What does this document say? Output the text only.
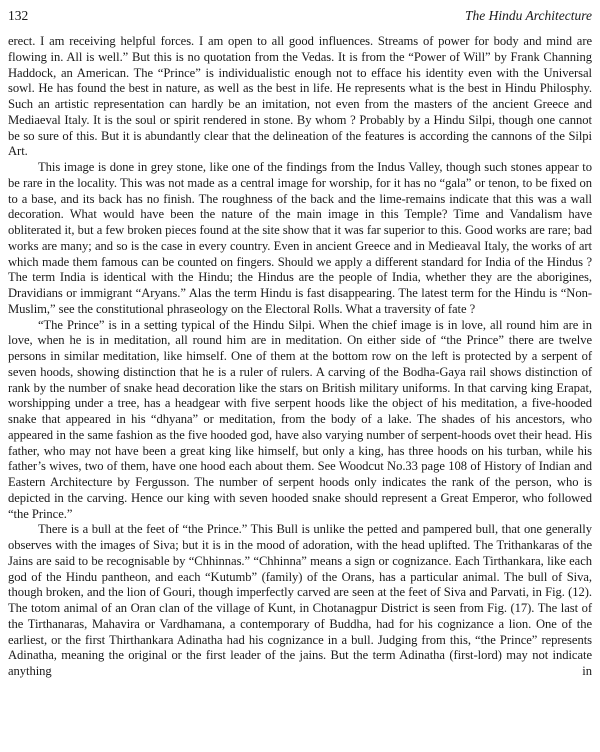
132	The Hindu Architecture

erect. I am receiving helpful forces. I am open to all good influences. Streams of power for body and mind are flowing in. All is well.” But this is no quotation from the Vedas. It is from the “Power of Will” by Frank Channing Haddock, an American. The “Prince” is individualistic enough not to efface his identity even with the Universal sowl. He has found the best in nature, as well as the best in life. He represents what is the best in Hindu Philosphy. Such an artistic representation can hardly be an imitation, not even from the masters of the ancient Greece and Mediaeval Italy. It is the soul or spirit rendered in stone. By whom ? Probably by a Hindu Silpi, though one cannot be so sure of this. But it is abundantly clear that the delineation of the features is according the cannons of the Silpi Art.

This image is done in grey stone, like one of the findings from the Indus Valley, though such stones appear to be rare in the locality. This was not made as a central image for worship, for it has no “gala” or tenon, to be fixed on to a base, and its back has no finish. The roughness of the back and the lime-remains indicate that this was a wall decoration. What would have been the nature of the main image in this Temple? Time and Vandalism have obliterated it, but a few broken pieces found at the site show that it was far superior to this. Good works are rare; bad works are many; and so is the case in every country. Even in ancient Greece and in Medieaval Italy, the works of art which made them famous can be counted on fingers. Should we apply a different standard for India of the Hindus ? The term India is identical with the Hindu; the Hindus are the people of India, whether they are the aborigines, Dravidians or immigrant “Aryans.” Alas the term Hindu is fast disappearing. The latest term for the Hindu is “Non-Muslim,” see the constitutional phraseology on the Electoral Rolls. What a traversity of fate ?

“The Prince” is in a setting typical of the Hindu Silpi. When the chief image is in love, all round him are in love, when he is in meditation, all round him are in meditation. On either side of “the Prince” there are twelve persons in similar meditation, like himself. One of them at the bottom row on the left is protected by a serpent of seven hoods, showing distinction that he is a ruler of rulers. A carving of the Bodha-Gaya rail shows distinction of rank by the number of snake head decoration like the stars on British military uniforms. In that carving king Erapat, worshipping under a tree, has a headgear with five serpent hoods like the object of his meditation, a five-hooded snake that appeared in his “dhyana” or meditation, from the body of a lake. The shades of his ancestors, who appeared in the same fashion as the five hooded god, have also varying number of serpent-hoods ovet their head. His father, who may not have been a great king like himself, but only a king, has three hoods on his turban, while his father’s wives, two of them, have one hood each about them. See Woodcut No.33 page 108 of History of Indian and Eastern Architecture by Fergusson. The number of serpent hoods only indicates the rank of the person, who is depicted in the carving. Hence our king with seven hooded snake should represent a Great Emperor, who followed “the Prince.”

There is a bull at the feet of “the Prince.” This Bull is unlike the petted and pampered bull, that one generally observes with the images of Siva; but it is in the mood of adoration, with the head uplifted. The Trithankaras of the Jains are said to be recognisable by “Chhinnas.” “Chhinna” means a sign or cognizance. Each Tirthankara, like each god of the Hindu pantheon, and each “Kutumb” (family) of the Orans, has a particular animal. The bull of Siva, though broken, and the lion of Gouri, though imperfectly carved are seen at the feet of Siva and Parvati, in Fig. (12). The totom animal of an Oran clan of the village of Kunt, in Chotanagpur District is seen from Fig. (17). The last of the Tirthanaras, Mahavira or Vardhamana, a contemporary of Buddha, had for his cognizance a lion. One of the earliest, or the first Thirthankara Adinatha had his cognizance in a bull. Judging from this, “the Prince” represents Adinatha, meaning the original or the first leader of the jains. But the term Adinatha (first-lord) may not indicate anything in
